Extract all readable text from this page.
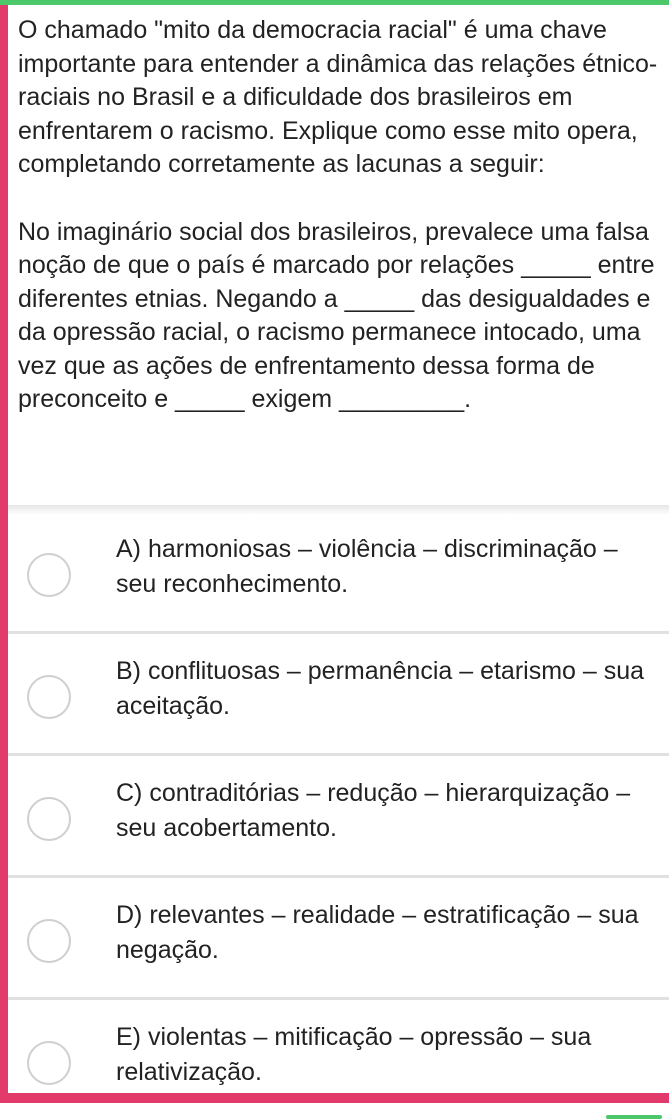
O chamado "mito da democracia racial" é uma chave importante para entender a dinâmica das relações étnico-raciais no Brasil e a dificuldade dos brasileiros em enfrentarem o racismo. Explique como esse mito opera, completando corretamente as lacunas a seguir:

No imaginário social dos brasileiros, prevalece uma falsa noção de que o país é marcado por relações _____ entre diferentes etnias. Negando a _____ das desigualdades e da opressão racial, o racismo permanece intocado, uma vez que as ações de enfrentamento dessa forma de preconceito e _____ exigem _________.

A) harmoniosas – violência – discriminação – seu reconhecimento.
B) conflituosas – permanência – etarismo – sua aceitação.
C) contraditórias – redução – hierarquização – seu acobertamento.
D) relevantes – realidade – estratificação – sua negação.
E) violentas – mitificação – opressão – sua relativização.
